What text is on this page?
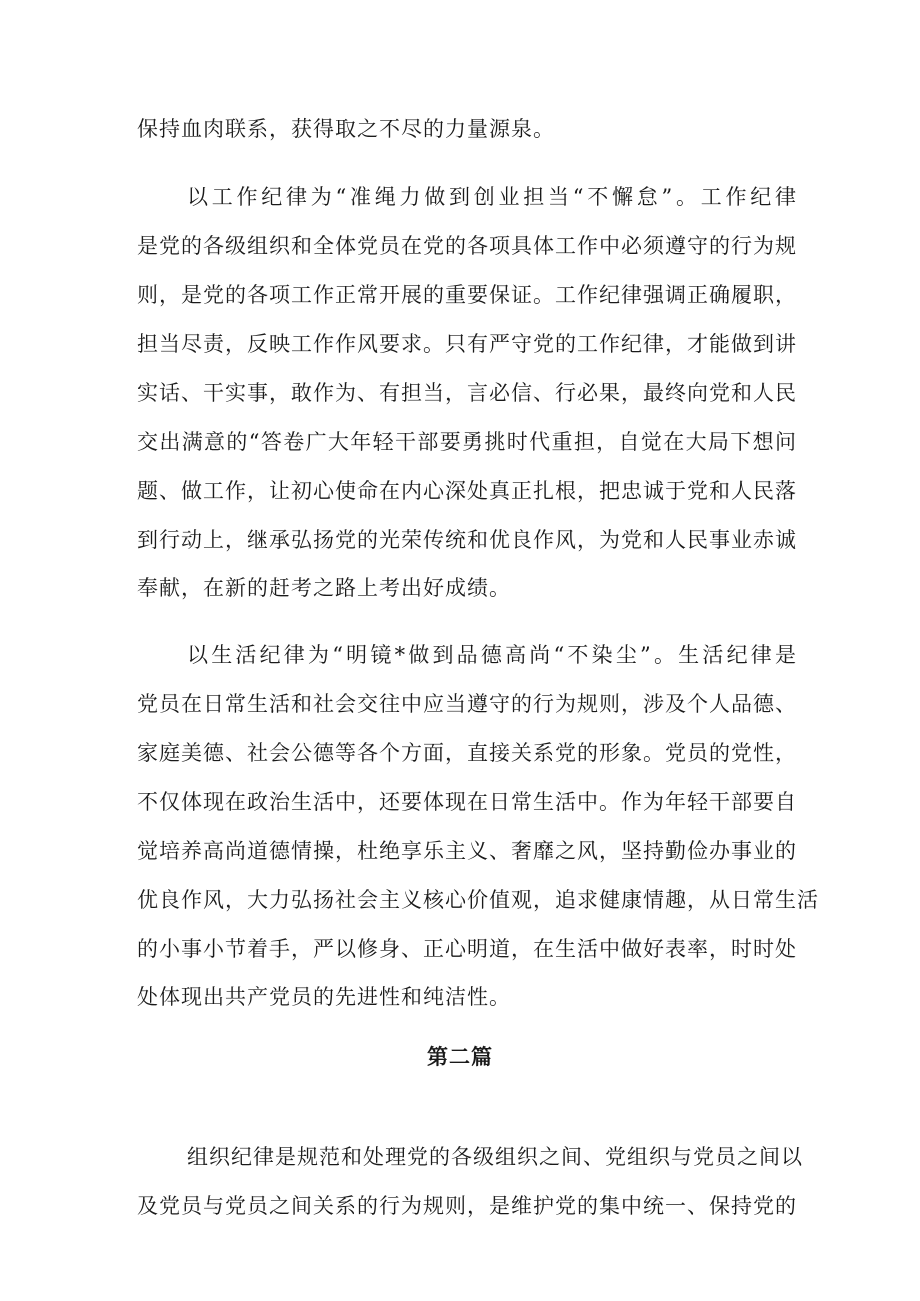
保持血肉联系，获得取之不尽的力量源泉。
以工作纪律为“准绳力做到创业担当“不懈怠”。工作纪律
是党的各级组织和全体党员在党的各项具体工作中必须遵守的行为规
则，是党的各项工作正常开展的重要保证。工作纪律强调正确履职，
担当尽责，反映工作作风要求。只有严守党的工作纪律，才能做到讲
实话、干实事，敢作为、有担当，言必信、行必果，最终向党和人民
交出满意的“答卷广大年轻干部要勇挑时代重担，自觉在大局下想问
题、做工作，让初心使命在内心深处真正扎根，把忠诚于党和人民落
到行动上，继承弘扬党的光荣传统和优良作风，为党和人民事业赤诚
奉献，在新的赶考之路上考出好成绩。
以生活纪律为“明镜*做到品德高尚“不染尘”。生活纪律是
党员在日常生活和社会交往中应当遵守的行为规则，涉及个人品德、
家庭美德、社会公德等各个方面，直接关系党的形象。党员的党性，
不仅体现在政治生活中，还要体现在日常生活中。作为年轻干部要自
觉培养高尚道德情操，杜绝享乐主义、奢靡之风，坚持勤俭办事业的
优良作风，大力弘扬社会主义核心价值观，追求健康情趣，从日常生活
的小事小节着手，严以修身、正心明道，在生活中做好表率，时时处
处体现出共产党员的先进性和纯洁性。
第二篇
组织纪律是规范和处理党的各级组织之间、党组织与党员之间以
及党员与党员之间关系的行为规则，是维护党的集中统一、保持党的
